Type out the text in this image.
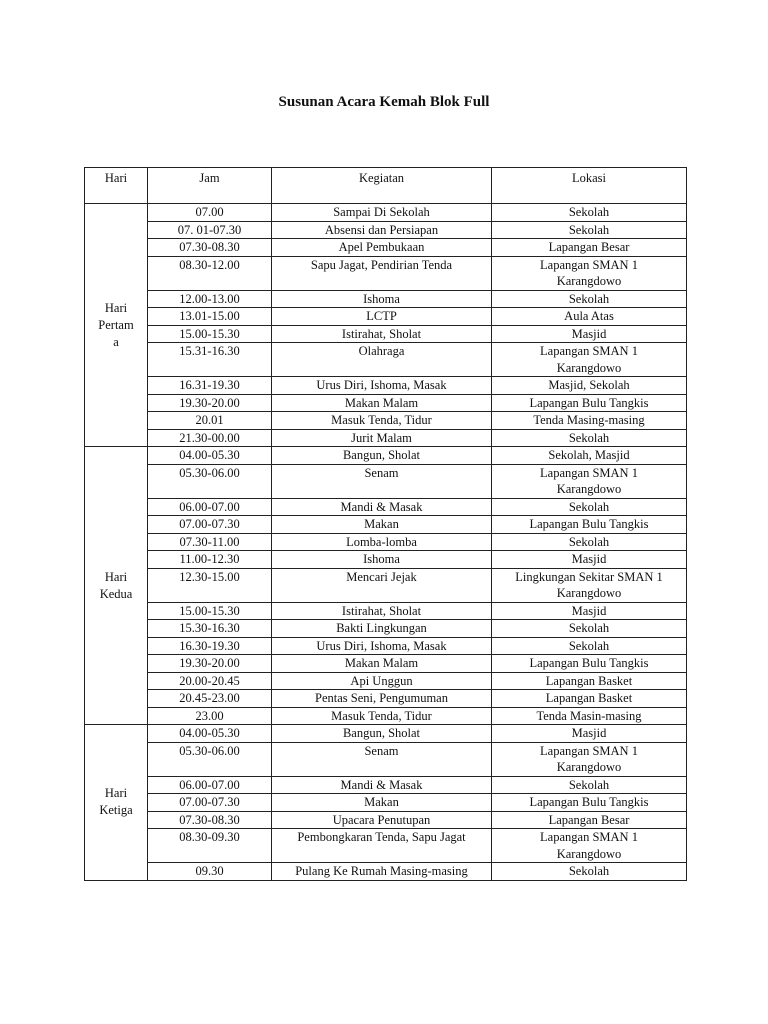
Susunan Acara Kemah Blok Full
Hari	Jam	Kegiatan	Lokasi

Hari
Pertam
a	07.00	Sampai Di Sekolah	Sekolah

	07. 01-07.30	Absensi dan Persiapan	Sekolah

	07.30-08.30	Apel Pembukaan	Lapangan Besar

	08.30-12.00	Sapu Jagat, Pendirian Tenda	Lapangan SMAN 1
Karangdowo

	12.00-13.00	Ishoma	Sekolah

	13.01-15.00	LCTP	Aula Atas

	15.00-15.30	Istirahat, Sholat	Masjid

	15.31-16.30	Olahraga	Lapangan SMAN 1
Karangdowo

	16.31-19.30	Urus Diri, Ishoma, Masak	Masjid, Sekolah

	19.30-20.00	Makan Malam	Lapangan Bulu Tangkis

	20.01	Masuk Tenda, Tidur	Tenda Masing-masing

	21.30-00.00	Jurit Malam	Sekolah

Hari
Kedua	04.00-05.30	Bangun, Sholat	Sekolah, Masjid

	05.30-06.00	Senam	Lapangan SMAN 1
Karangdowo

	06.00-07.00	Mandi & Masak	Sekolah

	07.00-07.30	Makan	Lapangan Bulu Tangkis

	07.30-11.00	Lomba-lomba	Sekolah

	11.00-12.30	Ishoma	Masjid

	12.30-15.00	Mencari Jejak	Lingkungan Sekitar SMAN 1
Karangdowo

	15.00-15.30	Istirahat, Sholat	Masjid

	15.30-16.30	Bakti Lingkungan	Sekolah

	16.30-19.30	Urus Diri, Ishoma, Masak	Sekolah

	19.30-20.00	Makan Malam	Lapangan Bulu Tangkis

	20.00-20.45	Api Unggun	Lapangan Basket

	20.45-23.00	Pentas Seni, Pengumuman	Lapangan Basket

	23.00	Masuk Tenda, Tidur	Tenda Masin-masing

Hari
Ketiga	04.00-05.30	Bangun, Sholat	Masjid

	05.30-06.00	Senam	Lapangan SMAN 1
Karangdowo

	06.00-07.00	Mandi & Masak	Sekolah

	07.00-07.30	Makan	Lapangan Bulu Tangkis

	07.30-08.30	Upacara Penutupan	Lapangan Besar

	08.30-09.30	Pembongkaran Tenda, Sapu Jagat	Lapangan SMAN 1
Karangdowo

	09.30	Pulang Ke Rumah Masing-masing	Sekolah
